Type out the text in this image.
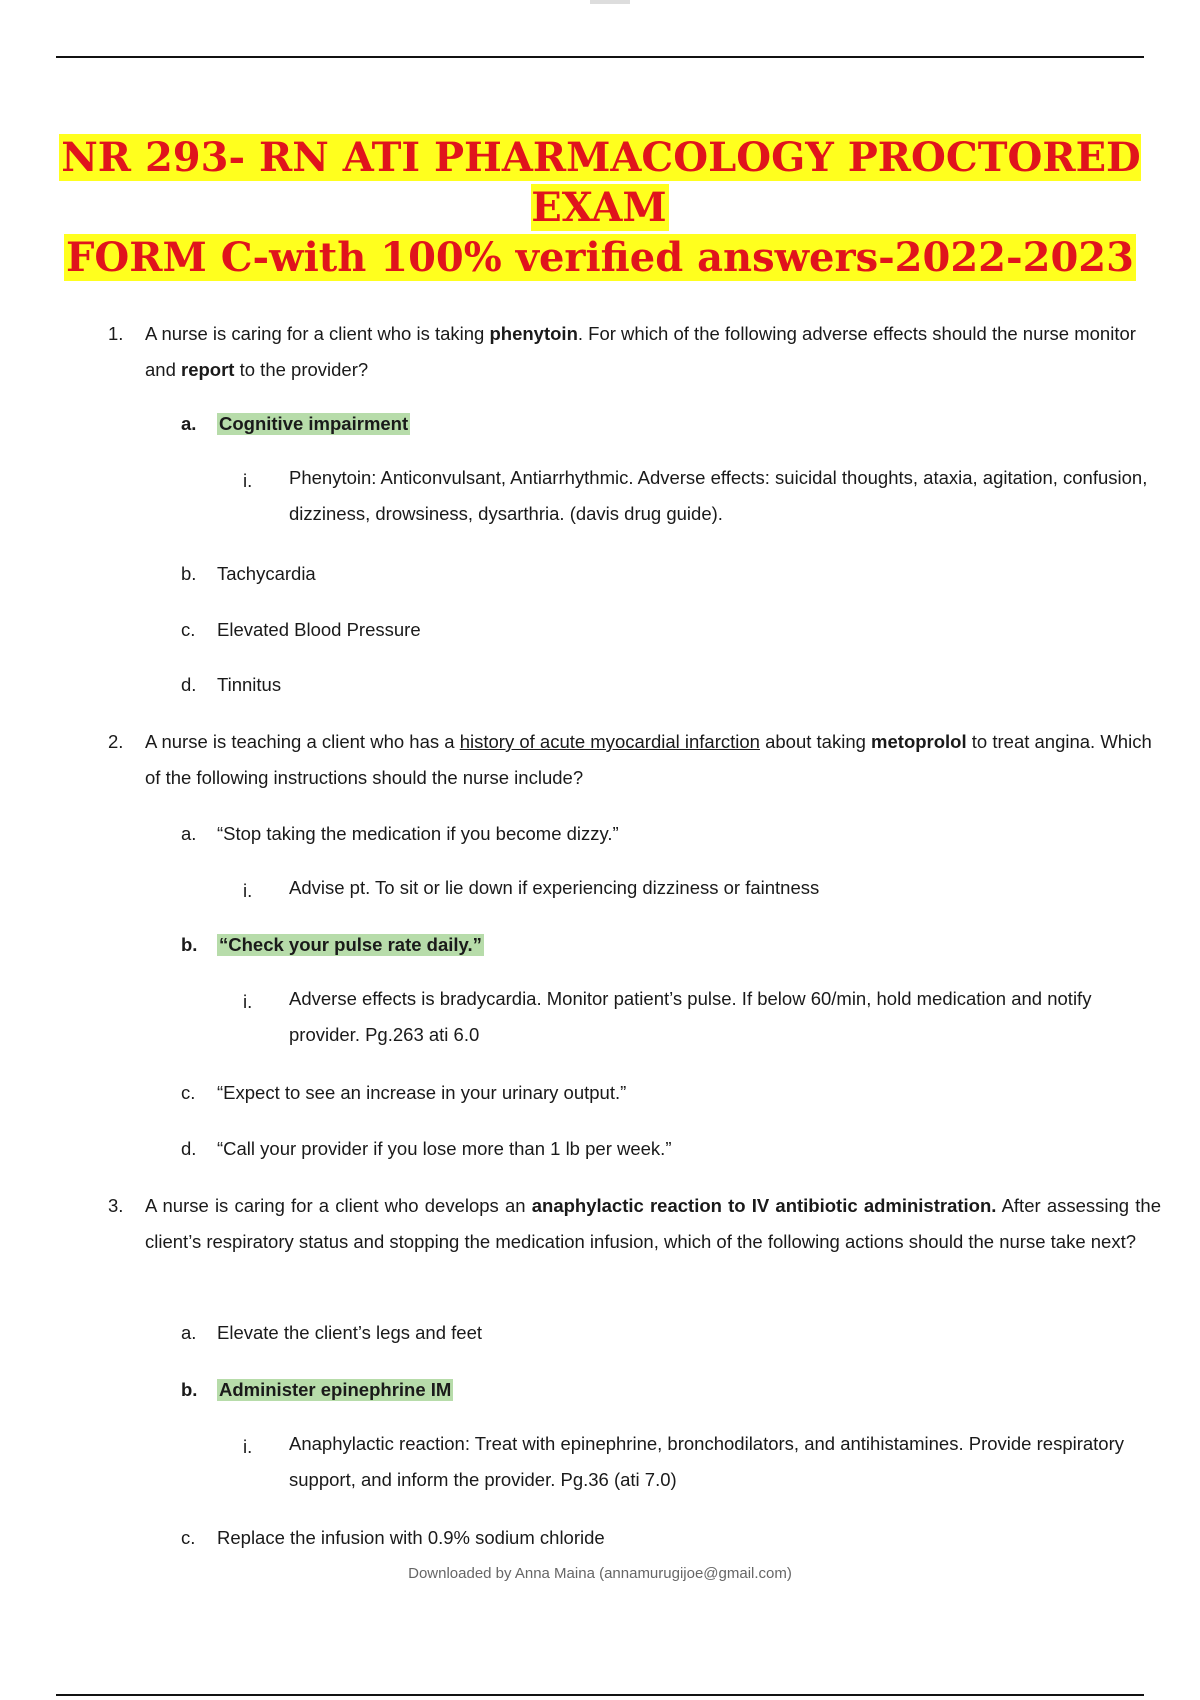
NR 293- RN ATI PHARMACOLOGY PROCTORED EXAM
FORM C-with 100% verified answers-2022-2023
1. A nurse is caring for a client who is taking phenytoin. For which of the following adverse effects should the nurse monitor and report to the provider?
a. Cognitive impairment
i. Phenytoin: Anticonvulsant, Antiarrhythmic. Adverse effects: suicidal thoughts, ataxia, agitation, confusion, dizziness, drowsiness, dysarthria. (davis drug guide).
b. Tachycardia
c. Elevated Blood Pressure
d. Tinnitus
2. A nurse is teaching a client who has a history of acute myocardial infarction about taking metoprolol to treat angina. Which of the following instructions should the nurse include?
a. “Stop taking the medication if you become dizzy.”
i. Advise pt. To sit or lie down if experiencing dizziness or faintness
b. “Check your pulse rate daily.”
i. Adverse effects is bradycardia. Monitor patient’s pulse. If below 60/min, hold medication and notify provider. Pg.263 ati 6.0
c. “Expect to see an increase in your urinary output.”
d. “Call your provider if you lose more than 1 lb per week.”
3. A nurse is caring for a client who develops an anaphylactic reaction to IV antibiotic administration. After assessing the client’s respiratory status and stopping the medication infusion, which of the following actions should the nurse take next?
a. Elevate the client’s legs and feet
b. Administer epinephrine IM
i. Anaphylactic reaction: Treat with epinephrine, bronchodilators, and antihistamines. Provide respiratory support, and inform the provider. Pg.36 (ati 7.0)
c. Replace the infusion with 0.9% sodium chloride
Downloaded by Anna Maina (annamurugijoe@gmail.com)
